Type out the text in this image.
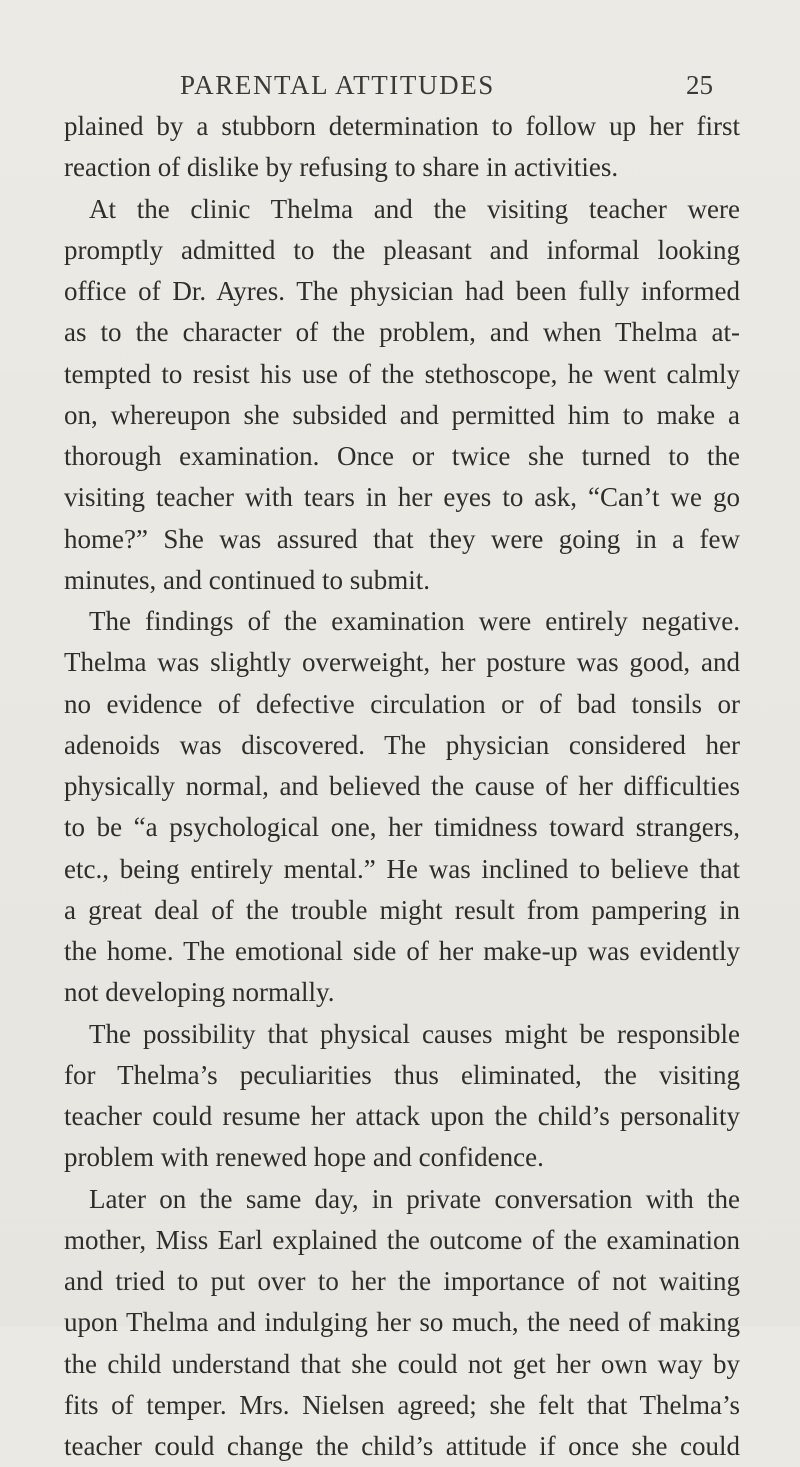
PARENTAL ATTITUDES	25
plained by a stubborn determination to follow up her first
reaction of dislike by refusing to share in activities.
At the clinic Thelma and the visiting teacher were
promptly admitted to the pleasant and informal looking
office of Dr. Ayres. The physician had been fully informed
as to the character of the problem, and when Thelma at-
tempted to resist his use of the stethoscope, he went calmly
on, whereupon she subsided and permitted him to make a
thorough examination. Once or twice she turned to the
visiting teacher with tears in her eyes to ask, “Can’t we go
home?” She was assured that they were going in a few
minutes, and continued to submit.
The findings of the examination were entirely negative.
Thelma was slightly overweight, her posture was good, and
no evidence of defective circulation or of bad tonsils or
adenoids was discovered. The physician considered her
physically normal, and believed the cause of her difficulties
to be “a psychological one, her timidness toward strangers,
etc., being entirely mental.” He was inclined to believe that
a great deal of the trouble might result from pampering in
the home. The emotional side of her make-up was evidently
not developing normally.
The possibility that physical causes might be responsible
for Thelma’s peculiarities thus eliminated, the visiting
teacher could resume her attack upon the child’s personality
problem with renewed hope and confidence.
Later on the same day, in private conversation with the
mother, Miss Earl explained the outcome of the examination
and tried to put over to her the importance of not waiting
upon Thelma and indulging her so much, the need of making
the child understand that she could not get her own way by
fits of temper. Mrs. Nielsen agreed; she felt that Thelma’s
teacher could change the child’s attitude if once she could
